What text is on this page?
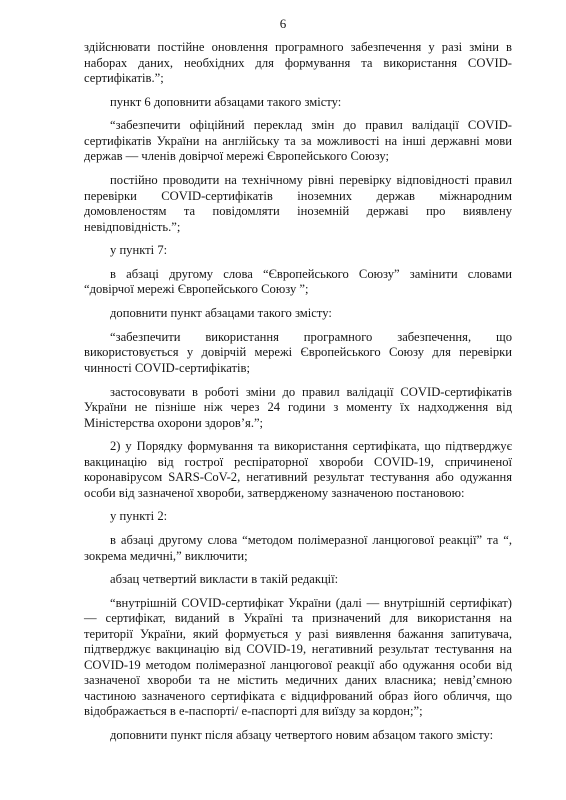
6

здійснювати постійне оновлення програмного забезпечення у разі зміни в наборах даних, необхідних для формування та використання COVID-сертифікатів.”;

пункт 6 доповнити абзацами такого змісту:

“забезпечити офіційний переклад змін до правил валідації COVID-сертифікатів України на англійську та за можливості на інші державні мови держав — членів довірчої мережі Європейського Союзу;

постійно проводити на технічному рівні перевірку відповідності правил перевірки COVID-сертифікатів іноземних держав міжнародним домовленостям та повідомляти іноземній державі про виявлену невідповідність.”;

у пункті 7:

в абзаці другому слова “Європейського Союзу” замінити словами “довірчої мережі Європейського Союзу ”;

доповнити пункт абзацами такого змісту:

“забезпечити використання програмного забезпечення, що використовується у довірчій мережі Європейського Союзу для перевірки чинності COVID-сертифікатів;

застосовувати в роботі зміни до правил валідації COVID-сертифікатів України не пізніше ніж через 24 години з моменту їх надходження від Міністерства охорони здоров’я.”;

2) у Порядку формування та використання сертифіката, що підтверджує вакцинацію від гострої респіраторної хвороби COVID-19, спричиненої коронавірусом SARS-CoV-2, негативний результат тестування або одужання особи від зазначеної хвороби, затвердженому зазначеною постановою:

у пункті 2:

в абзаці другому слова “методом полімеразної ланцюгової реакції” та “, зокрема медичні,” виключити;

абзац четвертий викласти в такій редакції:

“внутрішній COVID-сертифікат України (далі — внутрішній сертифікат) — сертифікат, виданий в Україні та призначений для використання на території України, який формується у разі виявлення бажання запитувача, підтверджує вакцинацію від COVID-19, негативний результат тестування на COVID-19 методом полімеразної ланцюгової реакції або одужання особи від зазначеної хвороби та не містить медичних даних власника; невід’ємною частиною зазначеного сертифіката є відцифрований образ його обличчя, що відображається в е-паспорті/ е-паспорті для виїзду за кордон;”;

доповнити пункт після абзацу четвертого новим абзацом такого змісту:
